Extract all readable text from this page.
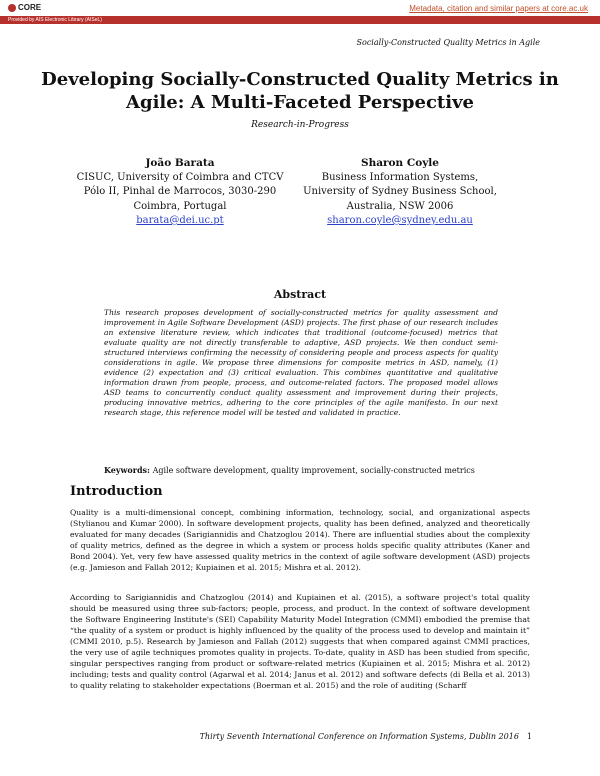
CORE	Metadata, citation and similar papers at core.ac.uk
Provided by AIS Electronic Library (AISeL)
Socially-Constructed Quality Metrics in Agile
Developing Socially-Constructed Quality Metrics in Agile: A Multi-Faceted Perspective
Research-in-Progress
João Barata
CISUC, University of Coimbra and CTCV
Pólo II, Pinhal de Marrocos, 3030-290 Coimbra, Portugal
barata@dei.uc.pt
Sharon Coyle
Business Information Systems, University of Sydney Business School, Australia, NSW 2006
sharon.coyle@sydney.edu.au
Abstract
This research proposes development of socially-constructed metrics for quality assessment and improvement in Agile Software Development (ASD) projects. The first phase of our research includes an extensive literature review, which indicates that traditional (outcome-focused) metrics that evaluate quality are not directly transferable to adaptive, ASD projects. We then conduct semi-structured interviews confirming the necessity of considering people and process aspects for quality considerations in agile. We propose three dimensions for composite metrics in ASD, namely, (1) evidence (2) expectation and (3) critical evaluation. This combines quantitative and qualitative information drawn from people, process, and outcome-related factors. The proposed model allows ASD teams to concurrently conduct quality assessment and improvement during their projects, producing innovative metrics, adhering to the core principles of the agile manifesto. In our next research stage, this reference model will be tested and validated in practice.
Keywords: Agile software development, quality improvement, socially-constructed metrics
Introduction
Quality is a multi-dimensional concept, combining information, technology, social, and organizational aspects (Stylianou and Kumar 2000). In software development projects, quality has been defined, analyzed and theoretically evaluated for many decades (Sarigiannidis and Chatzoglou 2014). There are influential studies about the complexity of quality metrics, defined as the degree in which a system or process holds specific quality attributes (Kaner and Bond 2004). Yet, very few have assessed quality metrics in the context of agile software development (ASD) projects (e.g. Jamieson and Fallah 2012; Kupiainen et al. 2015; Mishra et al. 2012).
According to Sarigiannidis and Chatzoglou (2014) and Kupiainen et al. (2015), a software project's total quality should be measured using three sub-factors; people, process, and product. In the context of software development the Software Engineering Institute's (SEI) Capability Maturity Model Integration (CMMI) embodied the premise that “the quality of a system or product is highly influenced by the quality of the process used to develop and maintain it” (CMMI 2010, p.5). Research by Jamieson and Fallah (2012) suggests that when compared against CMMI practices, the very use of agile techniques promotes quality in projects. To-date, quality in ASD has been studied from specific, singular perspectives ranging from product or software-related metrics (Kupiainen et al. 2015; Mishra et al. 2012) including; tests and quality control (Agarwal et al. 2014; Janus et al. 2012) and software defects (di Bella et al. 2013) to quality relating to stakeholder expectations (Boerman et al. 2015) and the role of auditing (Scharff
Thirty Seventh International Conference on Information Systems, Dublin 2016 1
